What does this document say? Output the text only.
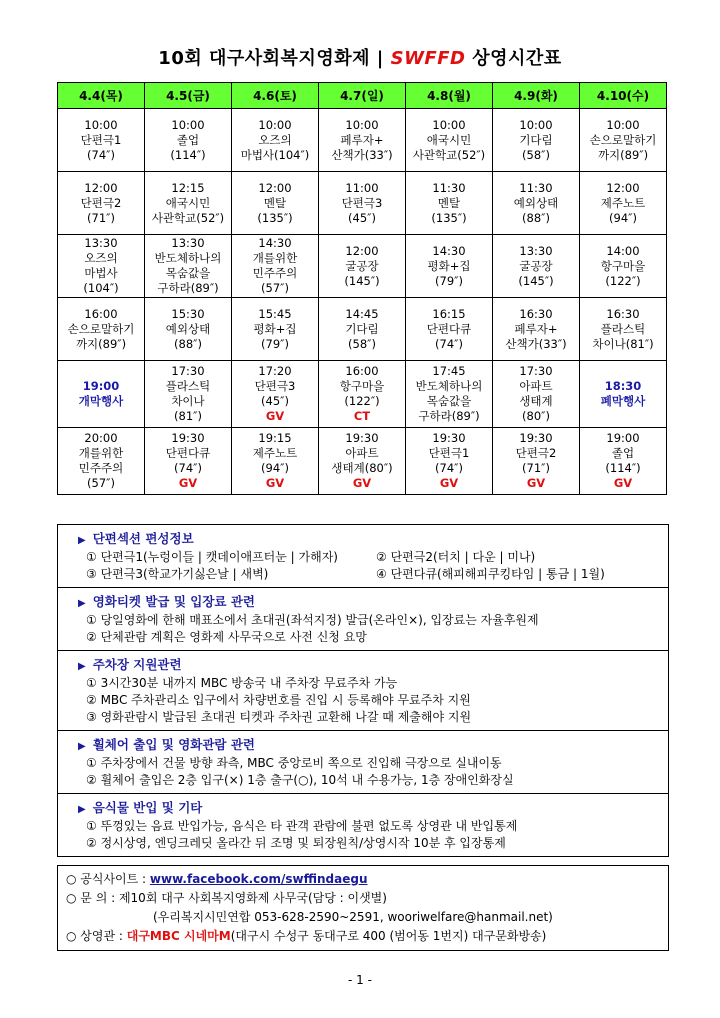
10회 대구사회복지영화제 | SWFFD 상영시간표
4.4(목)	4.5(금)	4.6(토)	4.7(일)	4.8(월)	4.9(화)	4.10(수)

10:00
단편극1
(74″)	10:00
졸업
(114″)	10:00
오즈의
마법사(104″)	10:00
페루자+
산책가(33″)	10:00
애국시민
사관학교(52″)	10:00
기다림
(58″)	10:00
손으로말하기
까지(89″)

12:00
단편극2
(71″)	12:15
애국시민
사관학교(52″)	12:00
멘탈
(135″)	11:00
단편극3
(45″)	11:30
멘탈
(135″)	11:30
예외상태
(88″)	12:00
제주노트
(94″)

13:30
오즈의
마법사
(104″)	13:30
반도체하나의
목숨값을
구하라(89″)	14:30
개를위한
민주주의
(57″)	12:00
굴공장
(145″)	14:30
평화+집
(79″)	13:30
굴공장
(145″)	14:00
항구마을
(122″)

16:00
손으로말하기
까지(89″)	15:30
예외상태
(88″)	15:45
평화+집
(79″)	14:45
기다림
(58″)	16:15
단편다큐
(74″)	16:30
페루자+
산책가(33″)	16:30
플라스틱
차이나(81″)

19:00
개막행사	17:30
플라스틱
차이나
(81″)	17:20
단편극3
(45″)
GV	16:00
항구마을
(122″)
CT	17:45
반도체하나의
목숨값을
구하라(89″)	17:30
아파트
생태계
(80″)	18:30
폐막행사

20:00
개를위한
민주주의
(57″)	19:30
단편다큐
(74″)
GV	19:15
제주노트
(94″)
GV	19:30
아파트
생태계(80″)
GV	19:30
단편극1
(74″)
GV	19:30
단편극2
(71″)
GV	19:00
졸업
(114″)
GV
▶ 단편섹션 편성정보
① 단편극1(누렁이들 | 캣데이애프터눈 | 가해자)	② 단편극2(터치 | 다운 | 미나)
③ 단편극3(학교가기싫은날 | 새벽)	④ 단편다큐(해피해피쿠킹타임 | 통금 | 1월)
▶ 영화티켓 발급 및 입장료 관련
① 당일영화에 한해 매표소에서 초대권(좌석지정) 발급(온라인×), 입장료는 자율후원제
② 단체관람 계획은 영화제 사무국으로 사전 신청 요망
▶ 주차장 지원관련
① 3시간30분 내까지 MBC 방송국 내 주차장 무료주차 가능
② MBC 주차관리소 입구에서 차량번호를 진입 시 등록해야 무료주차 지원
③ 영화관람시 발급된 초대권 티켓과 주차권 교환해 나갈 때 제출해야 지원
▶ 휠체어 출입 및 영화관람 관련
① 주차장에서 건물 방향 좌측, MBC 중앙로비 쪽으로 진입해 극장으로 실내이동
② 휠체어 출입은 2층 입구(×) 1층 출구(○), 10석 내 수용가능, 1층 장애인화장실
▶ 음식물 반입 및 기타
① 뚜껑있는 음료 반입가능, 음식은 타 관객 관람에 불편 없도록 상영관 내 반입통제
② 정시상영, 엔딩크레딧 올라간 뒤 조명 및 퇴장원칙/상영시작 10분 후 입장통제
○ 공식사이트 : www.facebook.com/swffindaegu
○ 문 의 : 제10회 대구 사회복지영화제 사무국(담당 : 이샛별)
(우리복지시민연합 053-628-2590~2591, wooriwelfare@hanmail.net)
○ 상영관 : 대구MBC 시네마M(대구시 수성구 동대구로 400 (범어동 1번지) 대구문화방송)
- 1 -
